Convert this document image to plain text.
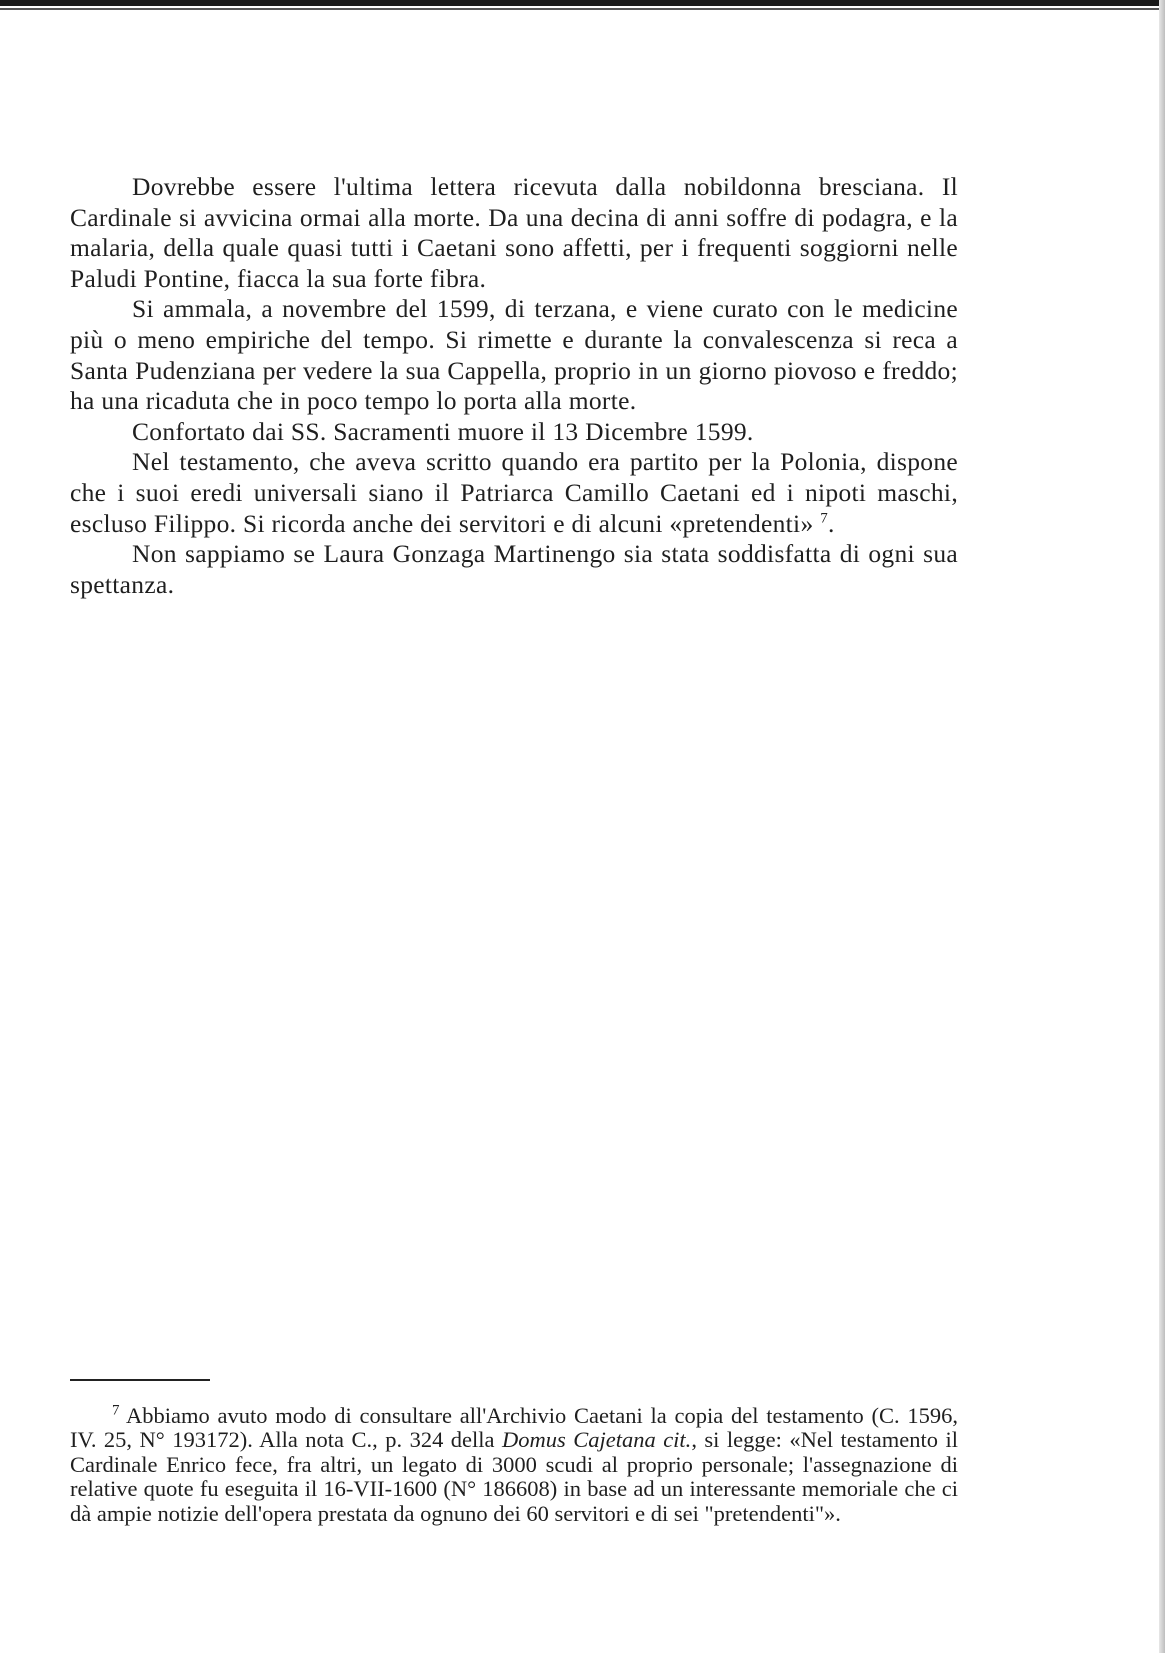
Dovrebbe essere l'ultima lettera ricevuta dalla nobildonna bresciana. Il Cardinale si avvicina ormai alla morte. Da una decina di anni soffre di podagra, e la malaria, della quale quasi tutti i Caetani sono affetti, per i frequenti soggiorni nelle Paludi Pontine, fiacca la sua forte fibra.

Si ammala, a novembre del 1599, di terzana, e viene curato con le medicine più o meno empiriche del tempo. Si rimette e durante la convalescenza si reca a Santa Pudenziana per vedere la sua Cappella, proprio in un giorno piovoso e freddo; ha una ricaduta che in poco tempo lo porta alla morte.

Confortato dai SS. Sacramenti muore il 13 Dicembre 1599.

Nel testamento, che aveva scritto quando era partito per la Polonia, dispone che i suoi eredi universali siano il Patriarca Camillo Caetani ed i nipoti maschi, escluso Filippo. Si ricorda anche dei servitori e di alcuni «pretendenti» $^7$.

Non sappiamo se Laura Gonzaga Martinengo sia stata soddisfatta di ogni sua spettanza.

$^7$ Abbiamo avuto modo di consultare all'Archivio Caetani la copia del testamento (C. 1596, IV. 25, N° 193172). Alla nota C., p. 324 della Domus Cajetana cit., si legge: «Nel testamento il Cardinale Enrico fece, fra altri, un legato di 3000 scudi al proprio personale; l'assegnazione di relative quote fu eseguita il 16-VII-1600 (N° 186608) in base ad un interessante memoriale che ci dà ampie notizie dell'opera prestata da ognuno dei 60 servitori e di sei "pretendenti"».
